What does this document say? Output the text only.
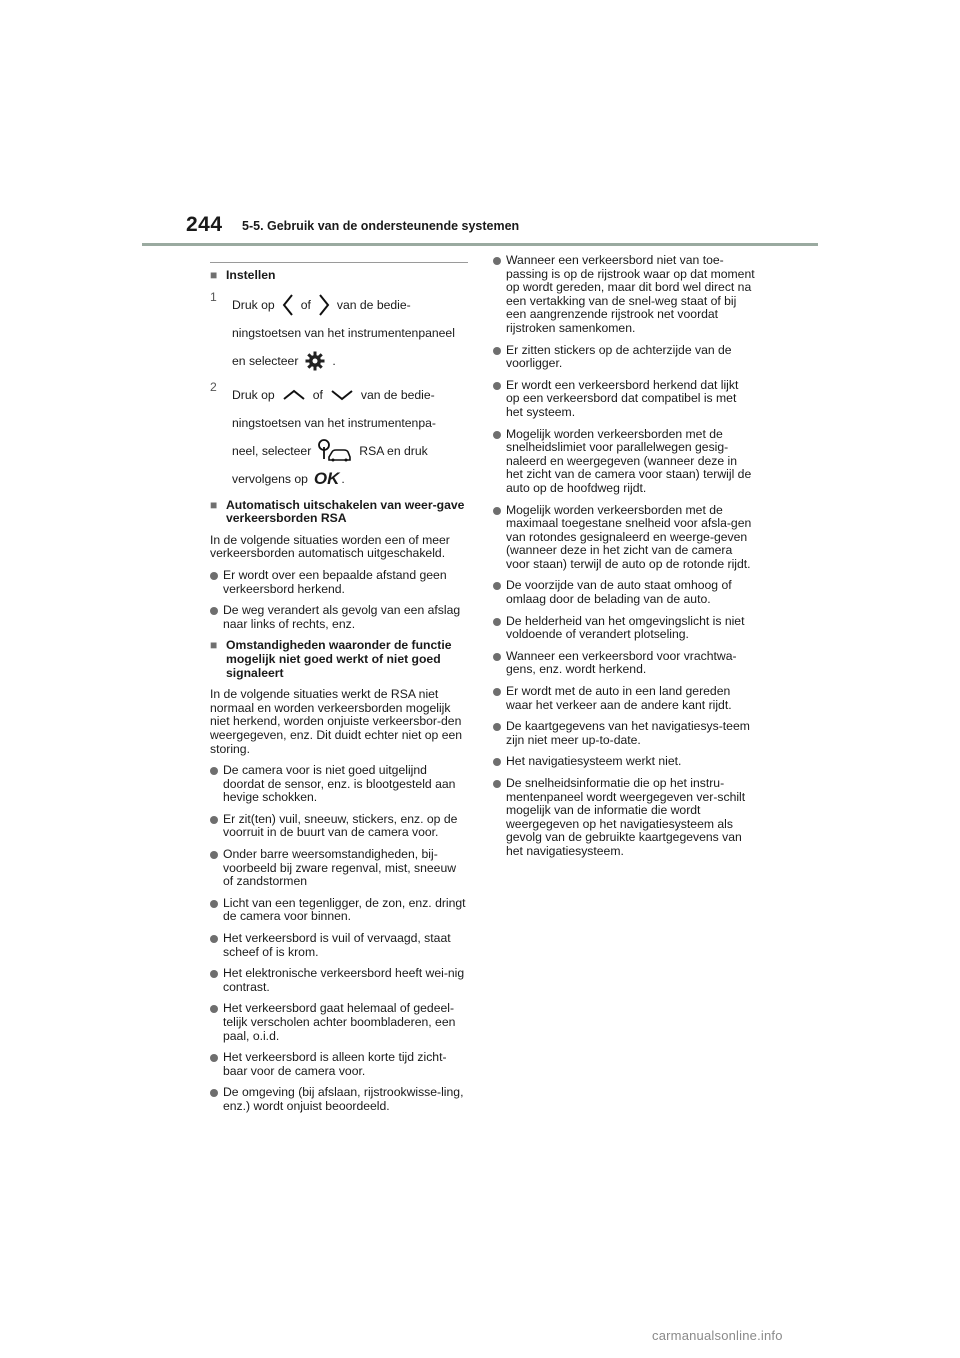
244 5-5. Gebruik van de ondersteunende systemen
■ Instellen
1
Druk op of van de bedie-
ningstoetsen van het instrumentenpaneel
en selecteer	.
2
Druk op	of	van de bedie-
ningstoetsen van het instrumentenpa-
neel, selecteer	RSA en druk
vervolgens op OK .
■ Automatisch uitschakelen van weer-gave verkeersborden RSA
In de volgende situaties worden een of meer verkeersborden automatisch uitgeschakeld.
Er wordt over een bepaalde afstand geen verkeersbord herkend.
De weg verandert als gevolg van een afslag naar links of rechts, enz.
■ Omstandigheden waaronder de functie mogelijk niet goed werkt of niet goed signaleert
In de volgende situaties werkt de RSA niet normaal en worden verkeersborden mogelijk niet herkend, worden onjuiste verkeersbor-den weergegeven, enz. Dit duidt echter niet op een storing.
De camera voor is niet goed uitgelijnd doordat de sensor, enz. is blootgesteld aan hevige schokken.
Er zit(ten) vuil, sneeuw, stickers, enz. op de voorruit in de buurt van de camera voor.
Onder barre weersomstandigheden, bij-voorbeeld bij zware regenval, mist, sneeuw of zandstormen
Licht van een tegenligger, de zon, enz. dringt de camera voor binnen.
Het verkeersbord is vuil of vervaagd, staat scheef of is krom.
Het elektronische verkeersbord heeft wei-nig contrast.
Het verkeersbord gaat helemaal of gedeel-telijk verscholen achter boombladeren, een paal, o.i.d.
Het verkeersbord is alleen korte tijd zicht-baar voor de camera voor.
De omgeving (bij afslaan, rijstrookwisse-ling, enz.) wordt onjuist beoordeeld.
Wanneer een verkeersbord niet van toe-passing is op de rijstrook waar op dat moment op wordt gereden, maar dit bord wel direct na een vertakking van de snel-weg staat of bij een aangrenzende rijstrook net voordat rijstroken samenkomen.
Er zitten stickers op de achterzijde van de voorligger.
Er wordt een verkeersbord herkend dat lijkt op een verkeersbord dat compatibel is met het systeem.
Mogelijk worden verkeersborden met de snelheidslimiet voor parallelwegen gesig-naleerd en weergegeven (wanneer deze in het zicht van de camera voor staan) terwijl de auto op de hoofdweg rijdt.
Mogelijk worden verkeersborden met de maximaal toegestane snelheid voor afsla-gen van rotondes gesignaleerd en weerge-geven (wanneer deze in het zicht van de camera voor staan) terwijl de auto op de rotonde rijdt.
De voorzijde van de auto staat omhoog of omlaag door de belading van de auto.
De helderheid van het omgevingslicht is niet voldoende of verandert plotseling.
Wanneer een verkeersbord voor vrachtwa-gens, enz. wordt herkend.
Er wordt met de auto in een land gereden waar het verkeer aan de andere kant rijdt.
De kaartgegevens van het navigatiesys-teem zijn niet meer up-to-date.
Het navigatiesysteem werkt niet.
De snelheidsinformatie die op het instru-mentenpaneel wordt weergegeven ver-schilt mogelijk van de informatie die wordt weergegeven op het navigatiesysteem als gevolg van de gebruikte kaartgegevens van het navigatiesysteem.
carmanualsonline.info
